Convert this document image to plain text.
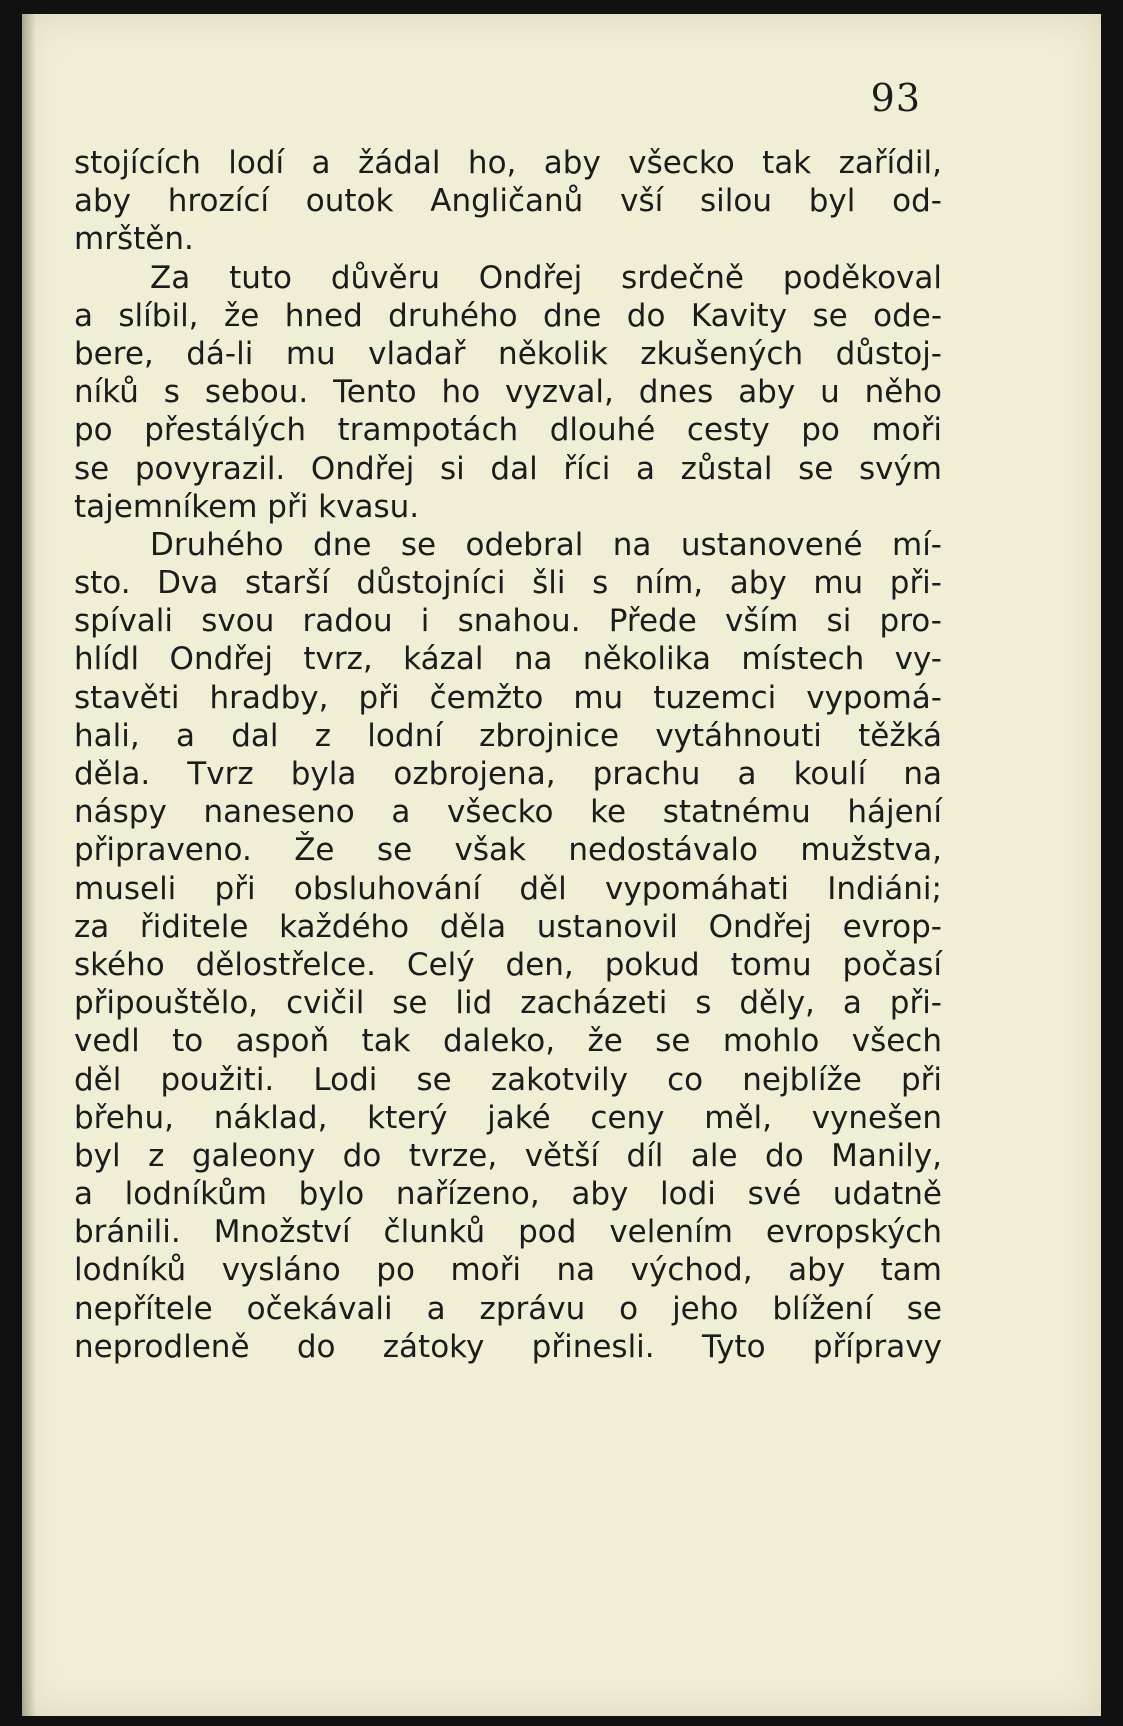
93
stojících lodí a žádal ho, aby všecko tak zařídil,
aby hrozící outok Angličanů vší silou byl od-
mrštěn.
Za tuto důvěru Ondřej srdečně poděkoval
a slíbil, že hned druhého dne do Kavity se ode-
bere, dá-li mu vladař několik zkušených důstoj-
níků s sebou. Tento ho vyzval, dnes aby u něho
po přestálých trampotách dlouhé cesty po moři
se povyrazil. Ondřej si dal říci a zůstal se svým
tajemníkem při kvasu.
Druhého dne se odebral na ustanovené mí-
sto. Dva starší důstojníci šli s ním, aby mu při-
spívali svou radou i snahou. Přede vším si pro-
hlídl Ondřej tvrz, kázal na několika místech vy-
stavěti hradby, při čemžto mu tuzemci vypomá-
hali, a dal z lodní zbrojnice vytáhnouti těžká
děla. Tvrz byla ozbrojena, prachu a koulí na
náspy naneseno a všecko ke statnému hájení
připraveno. Že se však nedostávalo mužstva,
museli při obsluhování děl vypomáhati Indiáni;
za řiditele každého děla ustanovil Ondřej evrop-
ského dělostřelce. Celý den, pokud tomu počasí
připouštělo, cvičil se lid zacházeti s děly, a při-
vedl to aspoň tak daleko, že se mohlo všech
děl použiti. Lodi se zakotvily co nejblíže při
břehu, náklad, který jaké ceny měl, vynešen
byl z galeony do tvrze, větší díl ale do Manily,
a lodníkům bylo nařízeno, aby lodi své udatně
bránili. Množství člunků pod velením evropských
lodníků vysláno po moři na východ, aby tam
nepřítele očekávali a zprávu o jeho blížení se
neprodleně do zátoky přinesli. Tyto přípravy
